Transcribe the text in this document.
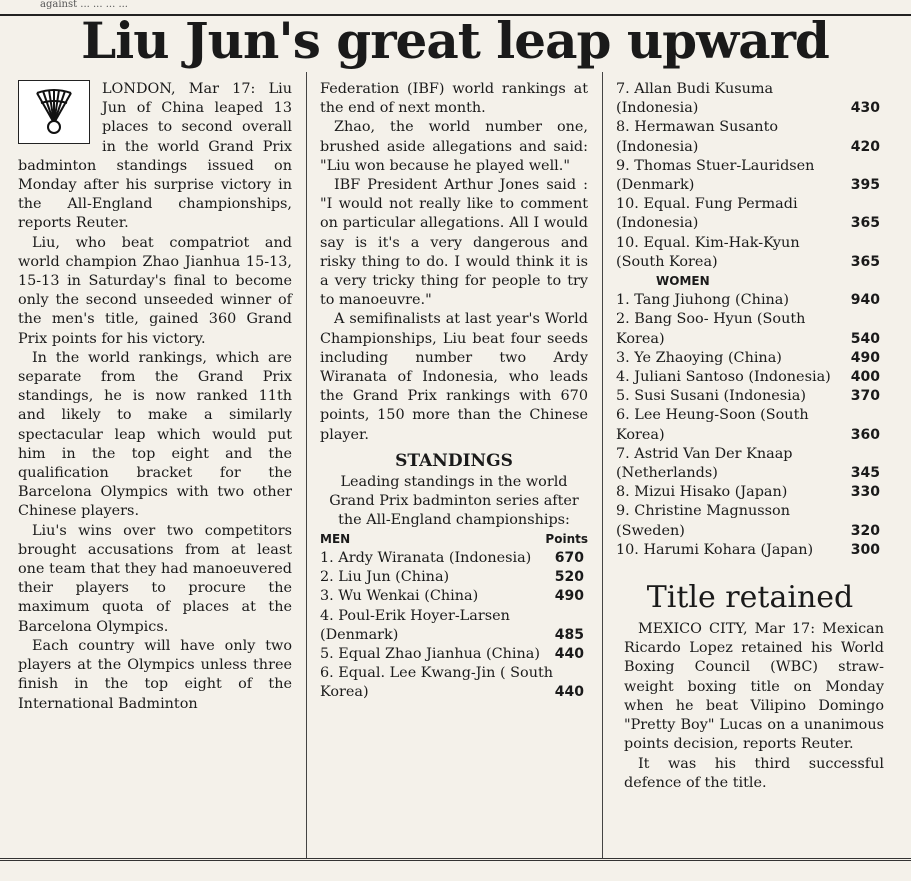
against ... ... ... ...
Liu Jun's great leap upward

LONDON, Mar 17: Liu Jun of China leaped 13 places to second overall in the world Grand Prix badminton standings issued on Monday after his surprise victory in the All-England championships, reports Reuter.

Liu, who beat compatriot and world champion Zhao Jianhua 15-13, 15-13 in Saturday's final to become only the second unseeded winner of the men's title, gained 360 Grand Prix points for his victory.

In the world rankings, which are separate from the Grand Prix standings, he is now ranked 11th and likely to make a similarly spectacular leap which would put him in the top eight and the qualification bracket for the Barcelona Olympics with two other Chinese players.

Liu's wins over two competitors brought accusations from at least one team that they had manoeuvered their players to procure the maximum quota of places at the Barcelona Olympics.

Each country will have only two players at the Olympics unless three finish in the top eight of the International Badminton

Federation (IBF) world rankings at the end of next month.

Zhao, the world number one, brushed aside allegations and said: "Liu won because he played well."

IBF President Arthur Jones said : "I would not really like to comment on particular allegations. All I would say is it's a very dangerous and risky thing to do. I would think it is a very tricky thing for people to try to manoeuvre."

A semifinalists at last year's World Championships, Liu beat four seeds including number two Ardy Wiranata of Indonesia, who leads the Grand Prix rankings with 670 points, 150 more than the Chinese player.

STANDINGS
Leading standings in the world Grand Prix badminton series after the All-England championships:
MEN	Points
1. Ardy Wiranata (Indonesia) 670
2. Liu Jun (China)	520
3. Wu Wenkai (China)	490
4. Poul-Erik Hoyer-Larsen (Denmark)	485
5. Equal Zhao Jianhua (China) 440
6. Equal. Lee Kwang-Jin ( South Korea)	440
7. Allan Budi Kusuma (Indonesia)	430
8. Hermawan Susanto (Indonesia)	420
9. Thomas Stuer-Lauridsen (Denmark)	395
10. Equal. Fung Permadi (Indonesia)	365
10. Equal. Kim-Hak-Kyun (South Korea)	365
WOMEN
1. Tang Jiuhong (China)	940
2. Bang Soo- Hyun (South Korea)	540
3. Ye Zhaoying (China)	490
4. Juliani Santoso (Indonesia) 400
5. Susi Susani (Indonesia)	370
6. Lee Heung-Soon (South Korea)	360
7. Astrid Van Der Knaap (Netherlands)	345
8. Mizui Hisako (Japan)	330
9. Christine Magnusson (Sweden)	320
10. Harumi Kohara (Japan)	300
Title retained

MEXICO CITY, Mar 17: Mexican Ricardo Lopez retained his World Boxing Council (WBC) straw-weight boxing title on Monday when he beat Vilipino Domingo "Pretty Boy" Lucas on a unanimous points decision, reports Reuter.

It was his third successful defence of the title.
